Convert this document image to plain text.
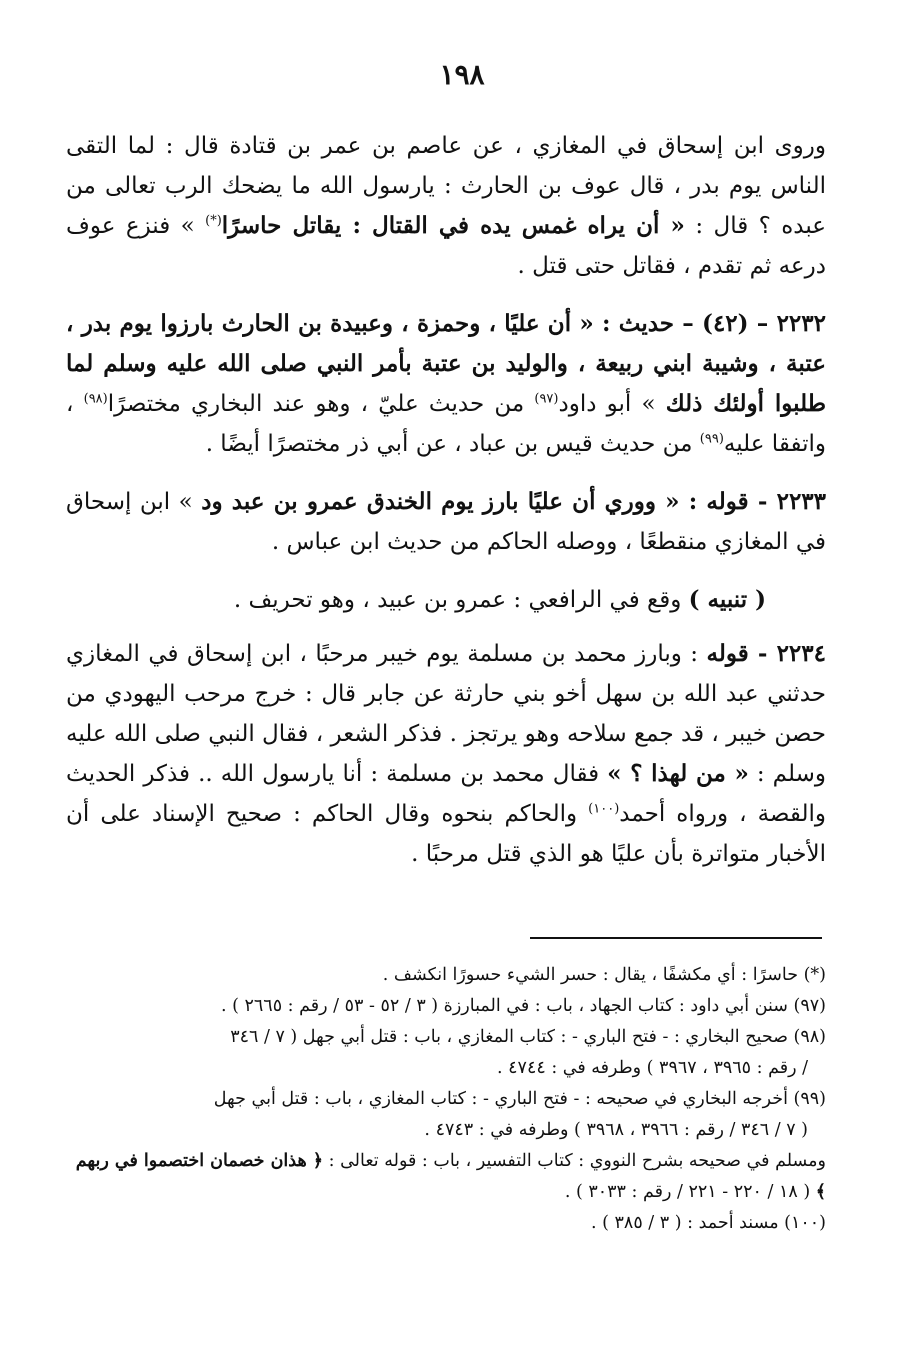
١٩٨

وروى ابن إسحاق في المغازي ، عن عاصم بن عمر بن قتادة قال : لما التقى الناس يوم بدر ، قال عوف بن الحارث : يارسول الله ما يضحك الرب تعالى من عبده ؟ قال : « أن يراه غمس يده في القتال : يقاتل حاسرًا(*) » فنزع عوف درعه ثم تقدم ، فقاتل حتى قتل .

٢٢٣٢ – (٤٢) – حديث : « أن عليًا ، وحمزة ، وعبيدة بن الحارث بارزوا يوم بدر ، عتبة ، وشيبة ابني ربيعة ، والوليد بن عتبة بأمر النبي صلى الله عليه وسلم لما طلبوا أولئك ذلك » أبو داود$^{(٩٧)}$ من حديث عليّ ، وهو عند البخاري مختصرًا$^{(٩٨)}$ ، واتفقا عليه$^{(٩٩)}$ من حديث قيس بن عباد ، عن أبي ذر مختصرًا أيضًا .

٢٢٣٣ - قوله : « ووري أن عليًا بارز يوم الخندق عمرو بن عبد ود » ابن إسحاق في المغازي منقطعًا ، ووصله الحاكم من حديث ابن عباس .

( تنبيه ) وقع في الرافعي : عمرو بن عبيد ، وهو تحريف .

٢٢٣٤ - قوله : وبارز محمد بن مسلمة يوم خيبر مرحبًا ، ابن إسحاق في المغازي حدثني عبد الله بن سهل أخو بني حارثة عن جابر قال : خرج مرحب اليهودي من حصن خيبر ، قد جمع سلاحه وهو يرتجز . فذكر الشعر ، فقال النبي صلى الله عليه وسلم : « من لهذا ؟ » فقال محمد بن مسلمة : أنا يارسول الله .. فذكر الحديث والقصة ، ورواه أحمد$^{(١٠٠)}$ والحاكم بنحوه وقال الحاكم : صحيح الإسناد على أن الأخبار متواترة بأن عليًا هو الذي قتل مرحبًا .

(*) حاسرًا : أي مكشفًا ، يقال : حسر الشيء حسورًا انكشف .

(٩٧) سنن أبي داود : كتاب الجهاد ، باب : في المبارزة ( ٣ / ٥٢ - ٥٣ / رقم : ٢٦٦٥ ) .

(٩٨) صحيح البخاري : - فتح الباري - : كتاب المغازي ، باب : قتل أبي جهل ( ٧ / ٣٤٦

/ رقم : ٣٩٦٥ ، ٣٩٦٧ ) وطرفه في : ٤٧٤٤ .

(٩٩) أخرجه البخاري في صحيحه : - فتح الباري - : كتاب المغازي ، باب : قتل أبي جهل

( ٧ / ٣٤٦ / رقم : ٣٩٦٦ ، ٣٩٦٨ ) وطرفه في : ٤٧٤٣ .

ومسلم في صحيحه بشرح النووي : كتاب التفسير ، باب : قوله تعالى : ﴿ هذان خصمان اختصموا في ربهم ﴾ ( ١٨ / ٢٢٠ - ٢٢١ / رقم : ٣٠٣٣ ) .

(١٠٠) مسند أحمد : ( ٣ / ٣٨٥ ) .
